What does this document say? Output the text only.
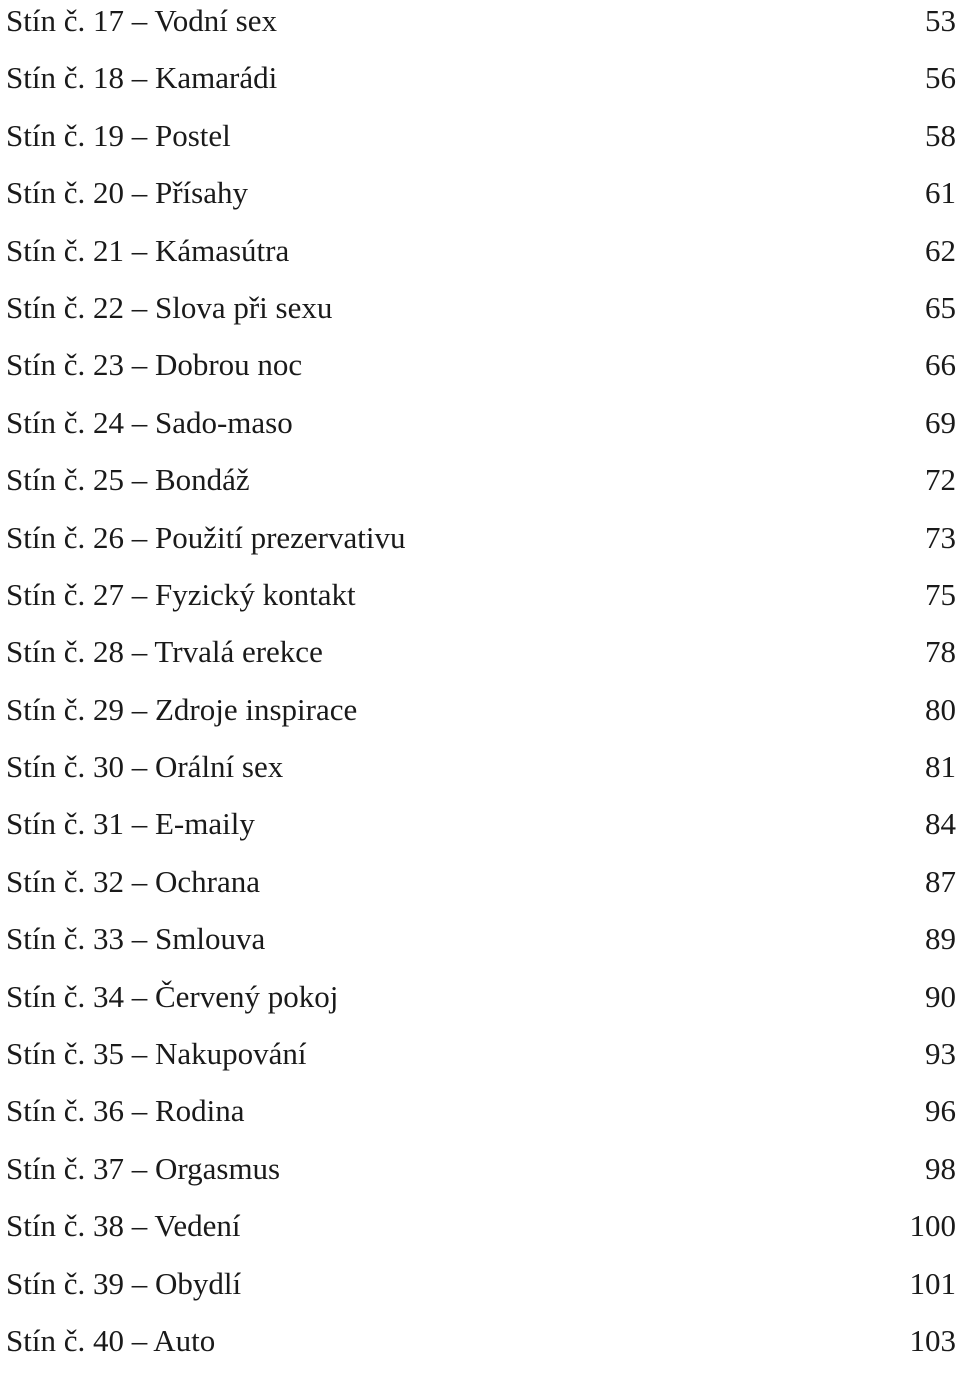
Stín č. 17 – Vodní sex	53
Stín č. 18 – Kamarádi	56
Stín č. 19 – Postel	58
Stín č. 20 – Přísahy	61
Stín č. 21 – Kámasútra	62
Stín č. 22 – Slova při sexu	65
Stín č. 23 – Dobrou noc	66
Stín č. 24 – Sado-maso	69
Stín č. 25 – Bondáž	72
Stín č. 26 – Použití prezervativu	73
Stín č. 27 – Fyzický kontakt	75
Stín č. 28 – Trvalá erekce	78
Stín č. 29 – Zdroje inspirace	80
Stín č. 30 – Orální sex	81
Stín č. 31 – E-maily	84
Stín č. 32 – Ochrana	87
Stín č. 33 – Smlouva	89
Stín č. 34 – Červený pokoj	90
Stín č. 35 – Nakupování	93
Stín č. 36 – Rodina	96
Stín č. 37 – Orgasmus	98
Stín č. 38 – Vedení	100
Stín č. 39 – Obydlí	101
Stín č. 40 – Auto	103
